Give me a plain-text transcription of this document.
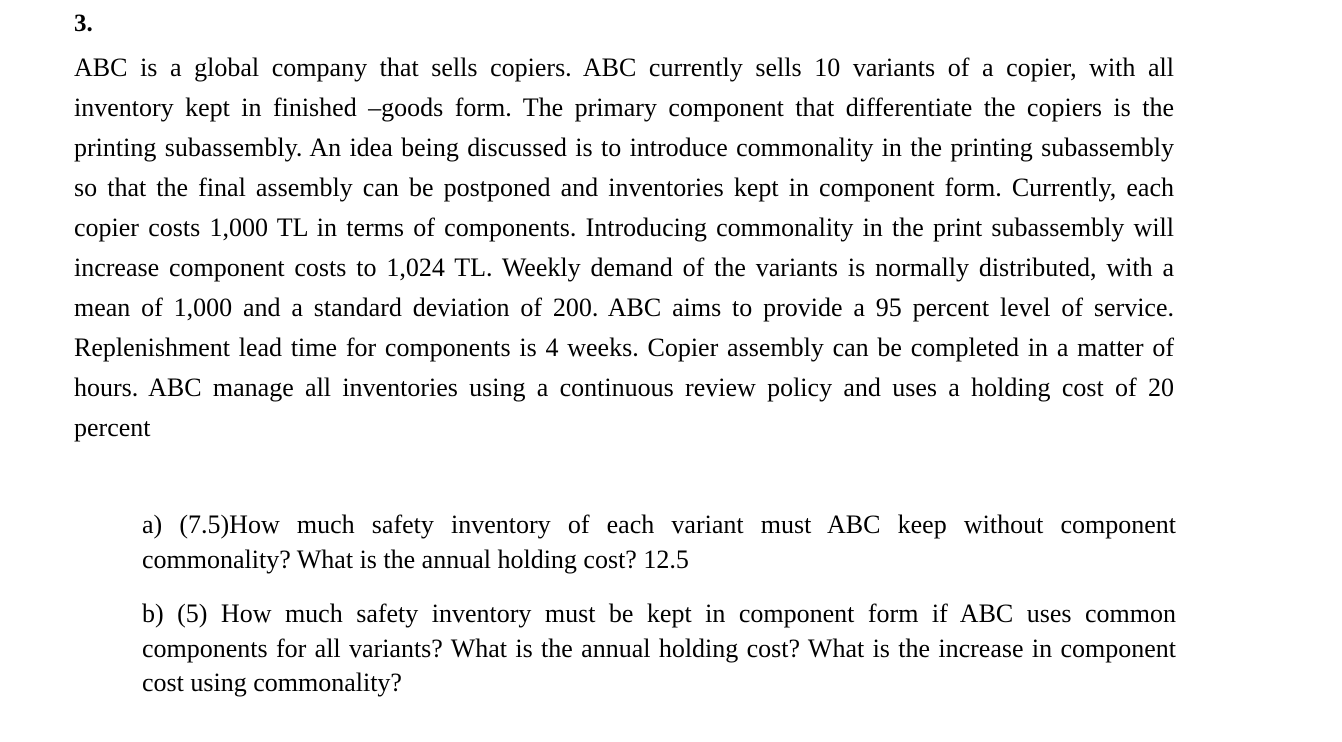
3.

ABC is a global company that sells copiers. ABC currently sells 10 variants of a copier, with all inventory kept in finished –goods form. The primary component that differentiate the copiers is the printing subassembly. An idea being discussed is to introduce commonality in the printing subassembly so that the final assembly can be postponed and inventories kept in component form. Currently, each copier costs 1,000 TL in terms of components. Introducing commonality in the print subassembly will increase component costs to 1,024 TL. Weekly demand of the variants is normally distributed, with a mean of 1,000 and a standard deviation of 200. ABC aims to provide a 95 percent level of service. Replenishment lead time for components is 4 weeks. Copier assembly can be completed in a matter of hours. ABC manage all inventories using a continuous review policy and uses a holding cost of 20 percent

a) (7.5)How much safety inventory of each variant must ABC keep without component commonality? What is the annual holding cost? 12.5

b) (5) How much safety inventory must be kept in component form if ABC uses common components for all variants? What is the annual holding cost? What is the increase in component cost using commonality?
